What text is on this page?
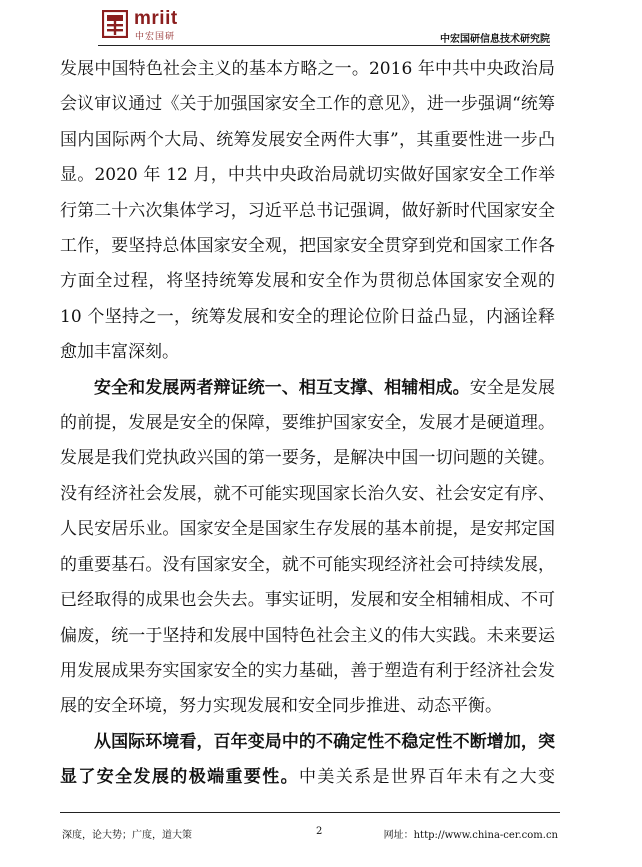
mriit
中宏国研	中宏国研信息技术研究院

发展中国特色社会主义的基本方略之一。2016 年中共中央政治局会议审议通过《关于加强国家安全工作的意见》，进一步强调“统筹国内国际两个大局、统筹发展安全两件大事”，其重要性进一步凸显。2020 年 12 月，中共中央政治局就切实做好国家安全工作举行第二十六次集体学习，习近平总书记强调，做好新时代国家安全工作，要坚持总体国家安全观，把国家安全贯穿到党和国家工作各方面全过程，将坚持统筹发展和安全作为贯彻总体国家安全观的 10 个坚持之一，统筹发展和安全的理论位阶日益凸显，内涵诠释愈加丰富深刻。

安全和发展两者辩证统一、相互支撑、相辅相成。安全是发展的前提，发展是安全的保障，要维护国家安全，发展才是硬道理。发展是我们党执政兴国的第一要务，是解决中国一切问题的关键。没有经济社会发展，就不可能实现国家长治久安、社会安定有序、人民安居乐业。国家安全是国家生存发展的基本前提，是安邦定国的重要基石。没有国家安全，就不可能实现经济社会可持续发展，已经取得的成果也会失去。事实证明，发展和安全相辅相成、不可偏废，统一于坚持和发展中国特色社会主义的伟大实践。未来要运用发展成果夯实国家安全的实力基础，善于塑造有利于经济社会发展的安全环境，努力实现发展和安全同步推进、动态平衡。

从国际环境看，百年变局中的不确定性不稳定性不断增加，突显了安全发展的极端重要性。中美关系是世界百年未有之大变

深度，论大势；广度，道大策	2	网址：http://www.china-cer.com.cn
